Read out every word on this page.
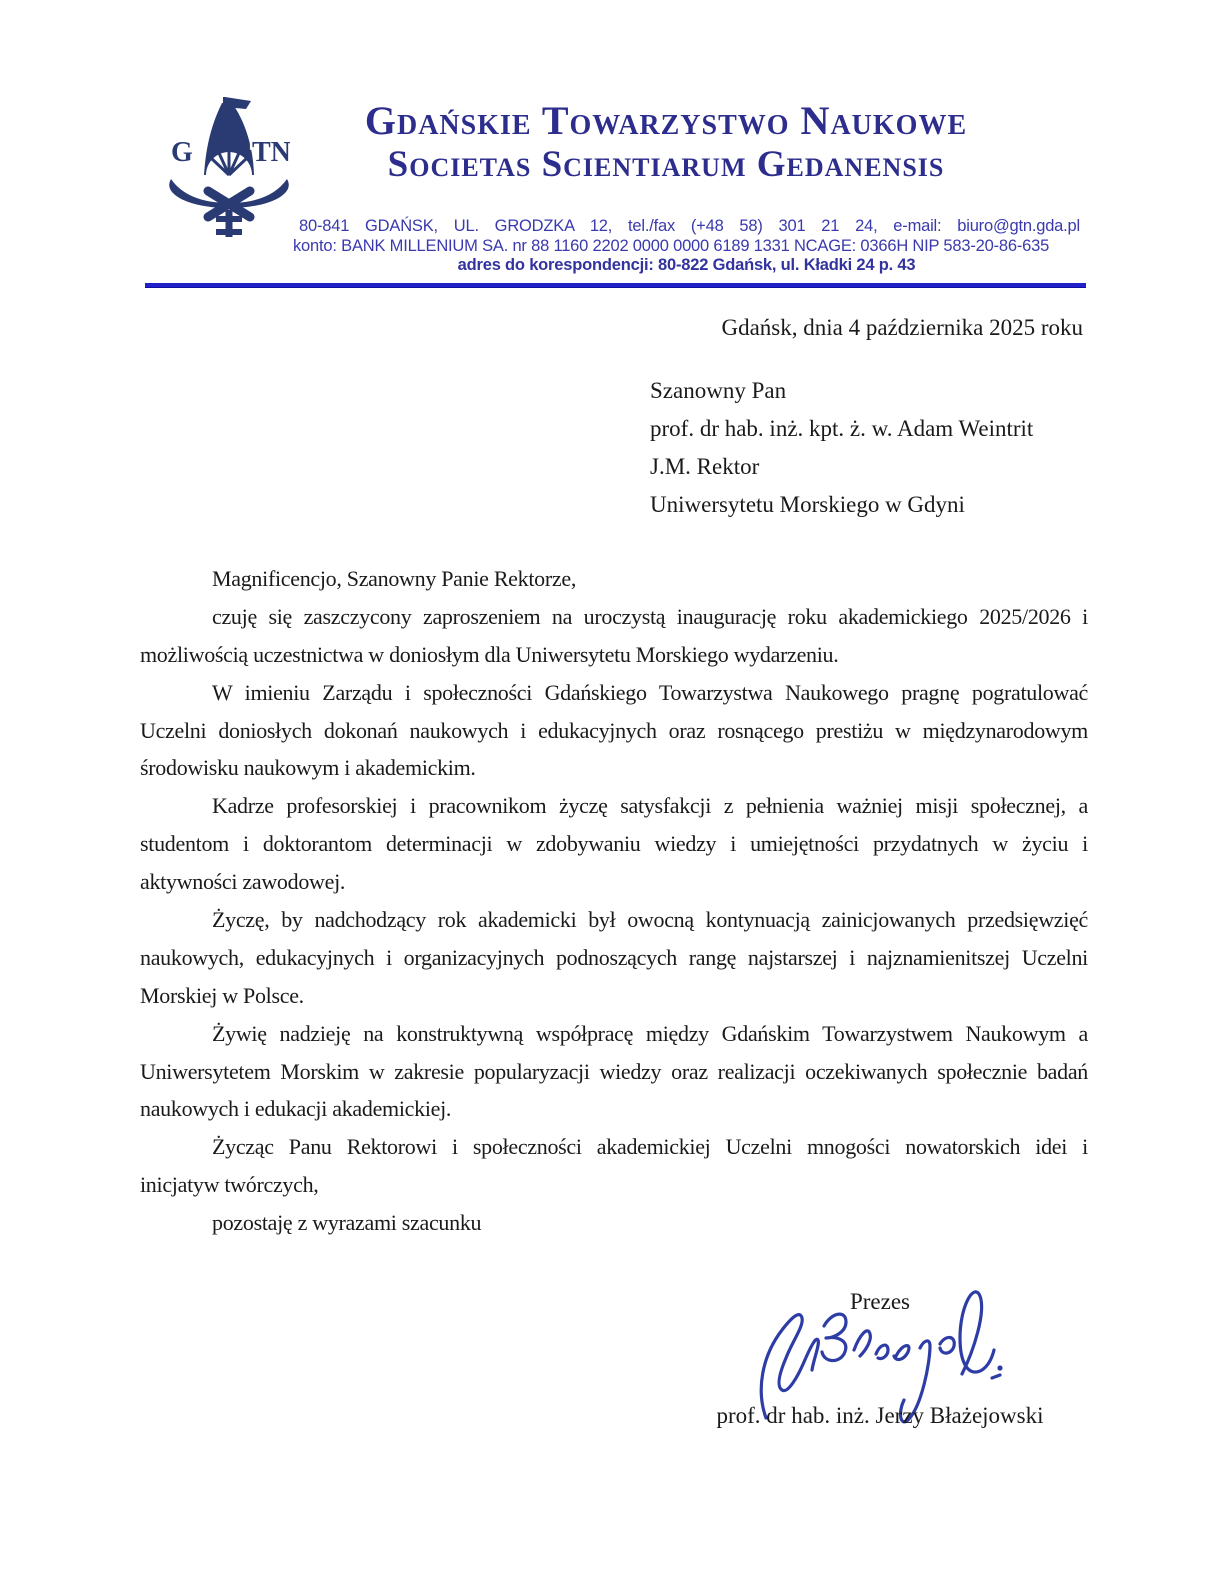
G TN
Gdańskie Towarzystwo Naukowe
Societas Scientiarum Gedanensis
80-841 GDAŃSK, UL. GRODZKA 12, tel./fax (+48 58) 301 21 24, e-mail: biuro@gtn.gda.pl
konto: BANK MILLENIUM SA. nr 88 1160 2202 0000 0000 6189 1331 NCAGE: 0366H NIP 583-20-86-635
adres do korespondencji: 80-822 Gdańsk, ul. Kładki 24 p. 43
Gdańsk, dnia 4 października 2025 roku
Szanowny Pan
prof. dr hab. inż. kpt. ż. w. Adam Weintrit
J.M. Rektor
Uniwersytetu Morskiego w Gdyni
Magnificencjo, Szanowny Panie Rektorze,
czuję się zaszczycony zaproszeniem na uroczystą inaugurację roku akademickiego 2025/2026 i
możliwością uczestnictwa w doniosłym dla Uniwersytetu Morskiego wydarzeniu.
W imieniu Zarządu i społeczności Gdańskiego Towarzystwa Naukowego pragnę pogratulować
Uczelni doniosłych dokonań naukowych i edukacyjnych oraz rosnącego prestiżu w międzynarodowym
środowisku naukowym i akademickim.
Kadrze profesorskiej i pracownikom życzę satysfakcji z pełnienia ważniej misji społecznej, a
studentom i doktorantom determinacji w zdobywaniu wiedzy i umiejętności przydatnych w życiu i
aktywności zawodowej.
Życzę, by nadchodzący rok akademicki był owocną kontynuacją zainicjowanych przedsięwzięć
naukowych, edukacyjnych i organizacyjnych podnoszących rangę najstarszej i najznamienitszej Uczelni
Morskiej w Polsce.
Żywię nadzieję na konstruktywną współpracę między Gdańskim Towarzystwem Naukowym a
Uniwersytetem Morskim w zakresie popularyzacji wiedzy oraz realizacji oczekiwanych społecznie badań
naukowych i edukacji akademickiej.
Życząc Panu Rektorowi i społeczności akademickiej Uczelni mnogości nowatorskich idei i
inicjatyw twórczych,
pozostaję z wyrazami szacunku
Prezes
prof. dr hab. inż. Jerzy Błażejowski
